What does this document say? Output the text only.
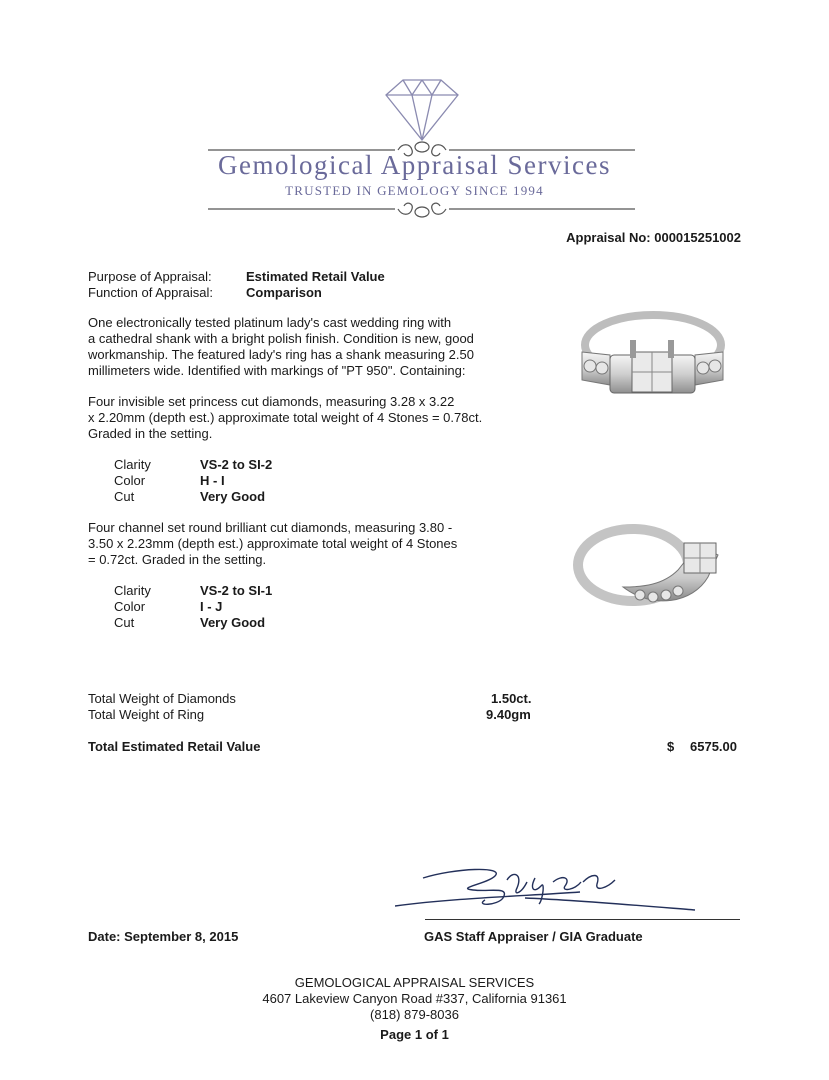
Gemological Appraisal Services
TRUSTED IN GEMOLOGY SINCE 1994
Appraisal No: 000015251002
Purpose of Appraisal:	Estimated Retail Value
Function of Appraisal:	Comparison
One electronically tested platinum lady's cast wedding ring with
a cathedral shank with a bright polish finish. Condition is new, good
workmanship. The featured lady's ring has a shank measuring 2.50
millimeters wide. Identified with markings of "PT 950". Containing:
Four invisible set princess cut diamonds, measuring 3.28 x 3.22
x 2.20mm (depth est.) approximate total weight of 4 Stones = 0.78ct.
Graded in the setting.
Clarity	VS-2 to SI-2
Color	H - I
Cut	Very Good
Four channel set round brilliant cut diamonds, measuring 3.80 -
3.50 x 2.23mm (depth est.) approximate total weight of 4 Stones
= 0.72ct. Graded in the setting.
Clarity	VS-2 to SI-1
Color	I - J
Cut	Very Good
Total Weight of Diamonds	1.50ct.
Total Weight of Ring	9.40gm
Total Estimated Retail Value	$ 6575.00
Date: September 8, 2015	GAS Staff Appraiser / GIA Graduate
GEMOLOGICAL APPRAISAL SERVICES
4607 Lakeview Canyon Road #337, California 91361
(818) 879-8036
Page 1 of 1
